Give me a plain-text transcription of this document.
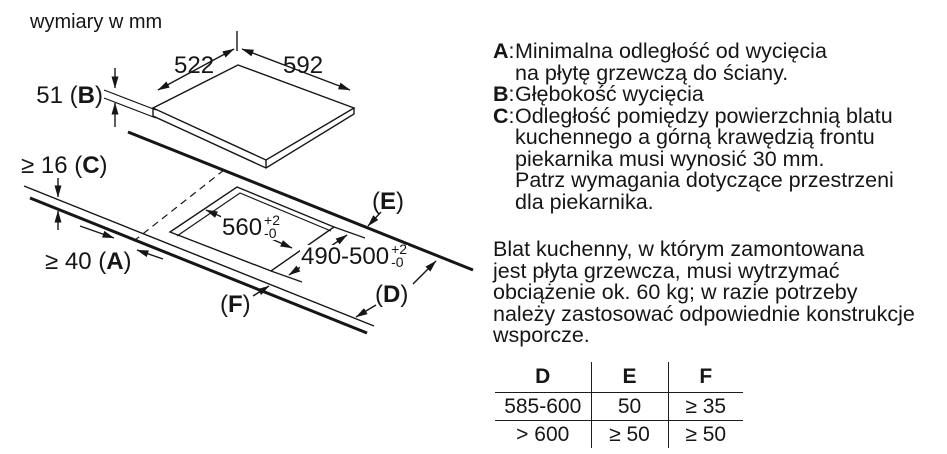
wymiary w mm
522	592
51 (B)
≥ 16 (C)
≥ 40 (A)
560 +2
-0
490-500 +2
-0
(E)
(D)
(F)
A: Minimalna odległość od wycięcia
na płytę grzewczą do ściany.
B: Głębokość wycięcia
C: Odległość pomiędzy powierzchnią blatu
kuchennego a górną krawędzią frontu
piekarnika musi wynosić 30 mm.
Patrz wymagania dotyczące przestrzeni
dla piekarnika.
Blat kuchenny, w którym zamontowana
jest płyta grzewcza, musi wytrzymać
obciążenie ok. 60 kg; w razie potrzeby
należy zastosować odpowiednie konstrukcje
wsporcze.
D	E	F
585-600	50	≥ 35
> 600	≥ 50	≥ 50
